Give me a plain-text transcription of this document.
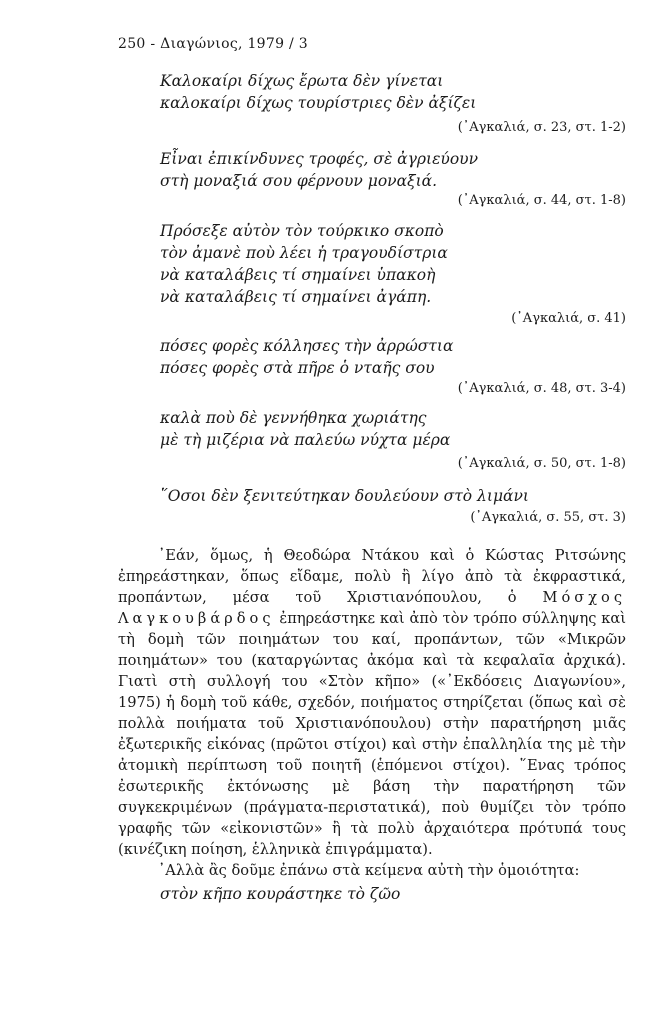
250 - Διαγώνιος, 1979 / 3
Καλοκαίρι δίχως ἔρωτα δὲν γίνεται
καλοκαίρι δίχως τουρίστριες δὲν ἀξίζει
(᾿Αγκαλιά, σ. 23, στ. 1-2)
Εἶναι ἐπικίνδυνες τροφές, σὲ ἀγριεύουν
στὴ μοναξιά σου φέρνουν μοναξιά.
(᾿Αγκαλιά, σ. 44, στ. 1-8)
Πρόσεξε αὐτὸν τὸν τούρκικο σκοπὸ
τὸν ἀμανὲ ποὺ λέει ἡ τραγουδίστρια
νὰ καταλάβεις τί σημαίνει ὑπακοὴ
νὰ καταλάβεις τί σημαίνει ἀγάπη.
(᾿Αγκαλιά, σ. 41)
πόσες φορὲς κόλλησες τὴν ἀρρώστια
πόσες φορὲς στὰ πῆρε ὁ νταῆς σου
(᾿Αγκαλιά, σ. 48, στ. 3-4)
καλὰ ποὺ δὲ γεννήθηκα χωριάτης
μὲ τὴ μιζέρια νὰ παλεύω νύχτα μέρα
(᾿Αγκαλιά, σ. 50, στ. 1-8)
῞Οσοι δὲν ξενιτεύτηκαν δουλεύουν στὸ λιμάνι
(᾿Αγκαλιά, σ. 55, στ. 3)

᾿Εάν, ὅμως, ἡ Θεοδώρα Ντάκου καὶ ὁ Κώστας Ριτσώνης ἐπηρεάστηκαν, ὅπως εἴδαμε, πολὺ ἢ λίγο ἀπὸ τὰ ἐκφραστικά, προπάντων, μέσα τοῦ Χριστιανόπουλου, ὁ Μόσχος Λαγκουβάρδος ἐπηρεάστηκε καὶ ἀπὸ τὸν τρόπο σύλληψης καὶ τὴ δομὴ τῶν ποιημάτων του καί, προπάντων, τῶν «Μικρῶν ποιημάτων» του (καταργώντας ἀκόμα καὶ τὰ κεφαλαῖα ἀρχικά). Γιατὶ στὴ συλλογή του «Στὸν κῆπο» («᾿Εκδόσεις Διαγωνίου», 1975) ἡ δομὴ τοῦ κάθε, σχεδόν, ποιήματος στηρίζεται (ὅπως καὶ σὲ πολλὰ ποιήματα τοῦ Χριστιανόπουλου) στὴν παρατήρηση μιᾶς ἐξωτερικῆς εἰκόνας (πρῶτοι στίχοι) καὶ στὴν ἐπαλληλία της μὲ τὴν ἀτομικὴ περίπτωση τοῦ ποιητῆ (ἑπόμενοι στίχοι). ῞Ενας τρόπος ἐσωτερικῆς ἐκτόνωσης μὲ βάση τὴν παρατήρηση τῶν συγκεκριμένων (πράγματα-περιστατικά), ποὺ θυμίζει τὸν τρόπο γραφῆς τῶν «εἰκονιστῶν» ἢ τὰ πολὺ ἀρχαιότερα πρότυπά τους (κινέζικη ποίηση, ἑλληνικὰ ἐπιγράμματα).

᾿Αλλὰ ἂς δοῦμε ἐπάνω στὰ κείμενα αὐτὴ τὴν ὁμοιότητα:

στὸν κῆπο κουράστηκε τὸ ζῶο
